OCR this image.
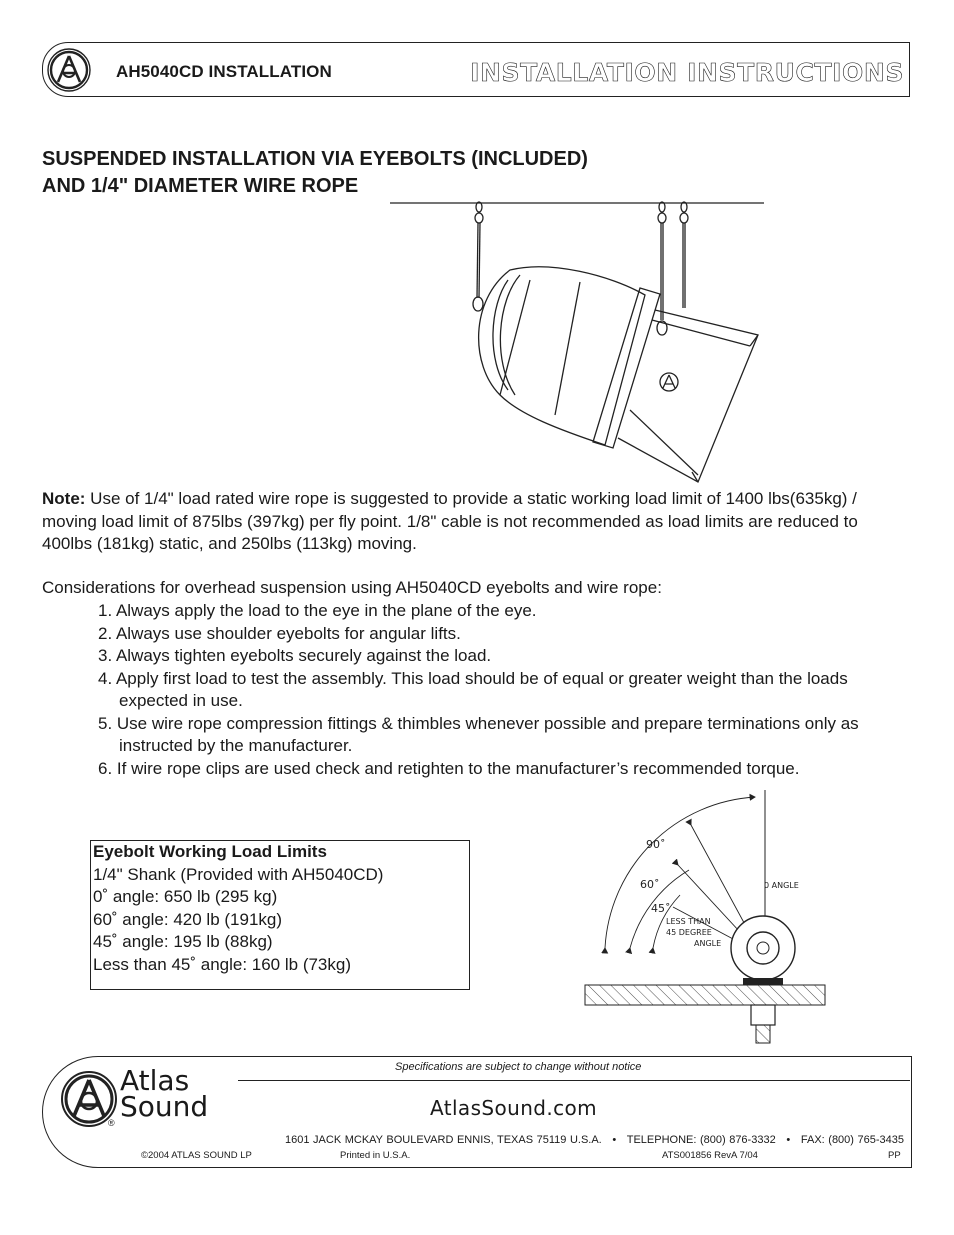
AH5040CD INSTALLATION	INSTALLATION INSTRUCTIONS
SUSPENDED INSTALLATION VIA EYEBOLTS (INCLUDED)
AND 1/4" DIAMETER WIRE ROPE
Note: Use of 1/4" load rated wire rope is suggested to provide a static working load limit of 1400 lbs(635kg) / moving load limit of 875lbs (397kg) per fly point. 1/8" cable is not recommended as load limits are reduced to 400lbs (181kg) static, and 250lbs (113kg) moving.
Considerations for overhead suspension using AH5040CD eyebolts and wire rope:
1. Always apply the load to the eye in the plane of the eye.
2. Always use shoulder eyebolts for angular lifts.
3. Always tighten eyebolts securely against the load.
4. Apply first load to test the assembly. This load should be of equal or greater weight than the loads expected in use.
5. Use wire rope compression fittings & thimbles whenever possible and prepare terminations only as instructed by the manufacturer.
6. If wire rope clips are used check and retighten to the manufacturer’s recommended torque.
Eyebolt Working Load Limits
1/4" Shank (Provided with AH5040CD)
0˚ angle: 650 lb (295 kg)
60˚ angle: 420 lb (191kg)
45˚ angle: 195 lb (88kg)
Less than 45˚ angle: 160 lb (73kg)
90˚
60˚
45˚
0 ANGLE
LESS THAN
45 DEGREE
ANGLE
Specifications are subject to change without notice
Atlas
Sound
®
AtlasSound.com
1601 JACK MCKAY BOULEVARD ENNIS, TEXAS 75119 U.S.A.   •   TELEPHONE: (800) 876-3332   •   FAX: (800) 765-3435
©2004 ATLAS SOUND LP	Printed in U.S.A.	ATS001856 RevA 7/04	PP
